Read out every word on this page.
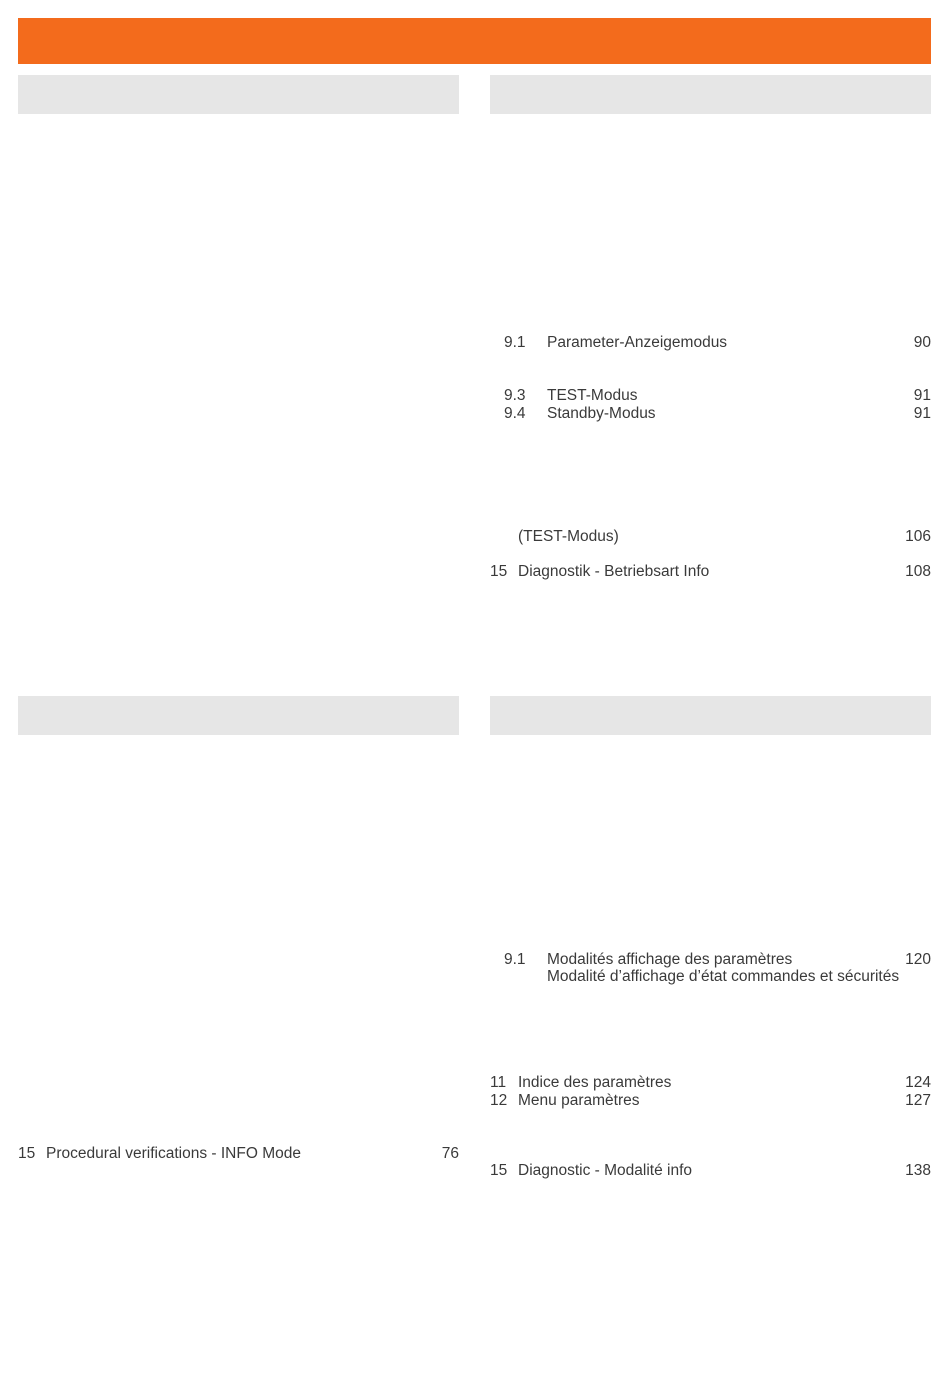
9.1 Parameter-Anzeigemodus	90
9.3 TEST-Modus	91
9.4 Standby-Modus	91
(TEST-Modus)	106
15 Diagnostik - Betriebsart Info	108
15 Procedural verifications - INFO Mode	76
9.1 Modalités affichage des paramètres	120
Modalité d’affichage d’état commandes et sécurités
11 Indice des paramètres	124
12 Menu paramètres	127
15 Diagnostic - Modalité info	138
